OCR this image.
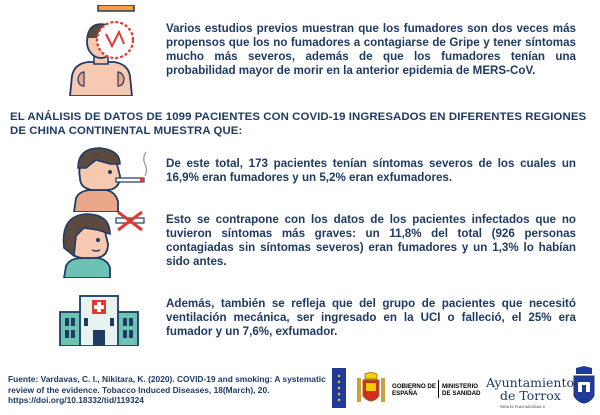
Varios estudios previos muestran que los fumadores son dos veces más propensos que los no fumadores a contagiarse de Gripe y tener síntomas mucho más severos, además de que los fumadores tenían una probabilidad mayor de morir en la anterior epidemia de MERS-CoV.
EL ANÁLISIS DE DATOS DE 1099 PACIENTES CON COVID-19 INGRESADOS EN DIFERENTES REGIONES DE CHINA CONTINENTAL MUESTRA QUE:
De este total, 173 pacientes tenían síntomas severos de los cuales un 16,9% eran fumadores y un 5,2% eran exfumadores.
Esto se contrapone con los datos de los pacientes infectados que no tuvieron síntomas más graves: un 11,8% del total (926 personas contagiadas sin síntomas severos) eran fumadores y un 1,3% lo habían sido antes.
Además, también se refleja que del grupo de pacientes que necesitó ventilación mecánica, ser ingresado en la UCI o falleció, el 25% era fumador y un 7,6%, exfumador.
Fuente: Vardavas, C. I., Nikitara, K. (2020). COVID-19 and smoking: A systematic review of the evidence. Tobacco Induced Diseases, 18(March), 20. https://doi.org/10.18332/tid/119324
GOBIERNO DE ESPAÑA
MINISTERIO DE SANIDAD
Ayuntamiento
de Torrox
PARA EL PLAN NACIONAL S
